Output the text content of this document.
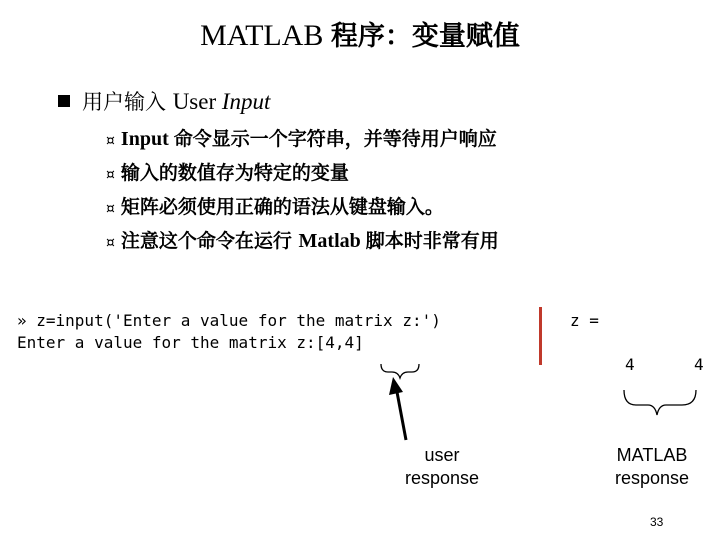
MATLAB 程序：变量赋值
用户输入 User Input
¤ Input 命令显示一个字符串，并等待用户响应
¤ 输入的数值存为特定的变量
¤ 矩阵必须使用正确的语法从键盘输入。
¤ 注意这个命令在运行 Matlab 脚本时非常有用
» z=input('Enter a value for the matrix z:')
Enter a value for the matrix z:[4,4]
z =
4	4
user
response
MATLAB
response
33
